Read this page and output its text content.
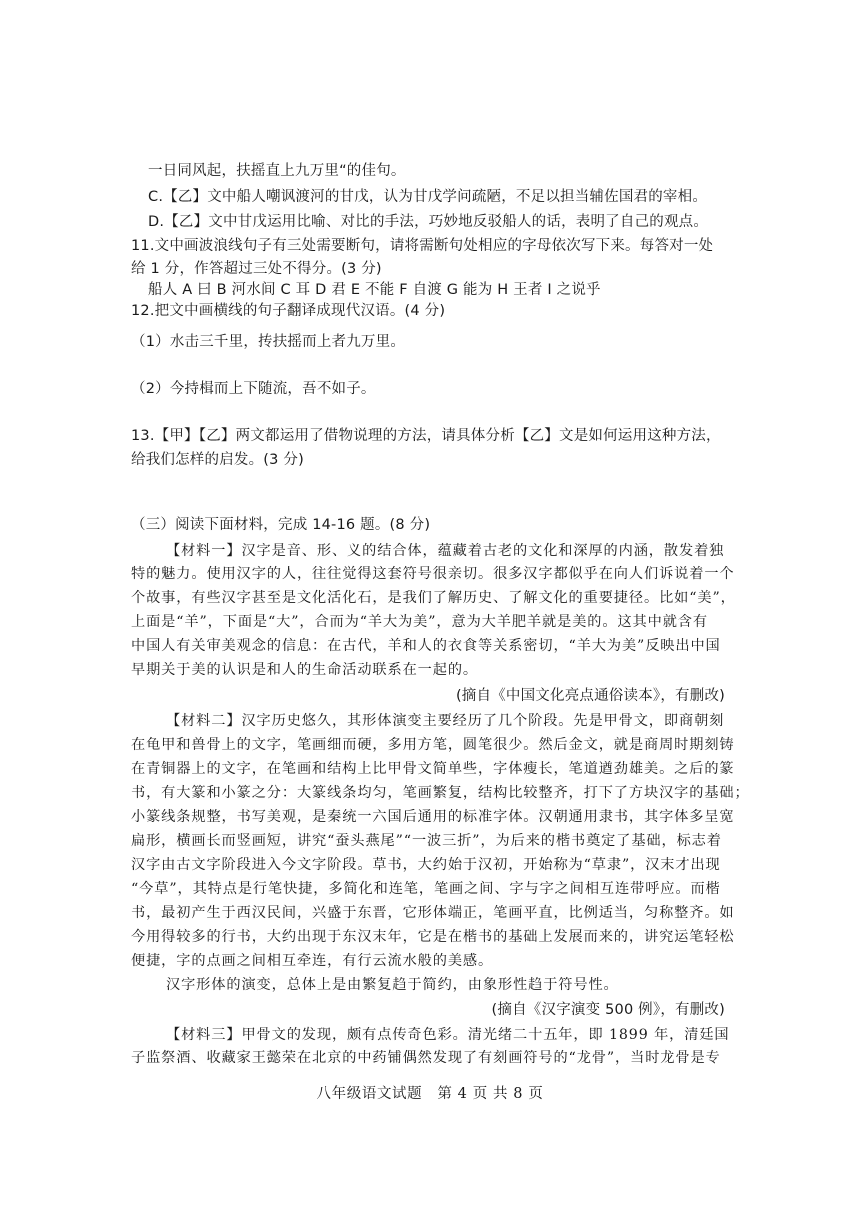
一日同风起，扶摇直上九万里“的佳句。
C.【乙】文中船人嘲讽渡河的甘戊，认为甘戊学问疏陋，不足以担当辅佐国君的宰相。
D.【乙】文中甘戊运用比喻、对比的手法，巧妙地反驳船人的话，表明了自己的观点。
11.文中画波浪线句子有三处需要断句，请将需断句处相应的字母依次写下来。每答对一处
给 1 分，作答超过三处不得分。(3 分)
船人 A 曰 B 河水间 C 耳 D 君 E 不能 F 自渡 G 能为 H 王者 I 之说乎
12.把文中画横线的句子翻译成现代汉语。(4 分)
（1）水击三千里，抟扶摇而上者九万里。
（2）今持楫而上下随流，吾不如子。
13.【甲】【乙】两文都运用了借物说理的方法，请具体分析【乙】文是如何运用这种方法，
给我们怎样的启发。(3 分)
（三）阅读下面材料，完成 14-16 题。(8 分)
【材料一】汉字是音、形、义的结合体，蕴藏着古老的文化和深厚的内涵，散发着独
特的魅力。使用汉字的人，往往觉得这套符号很亲切。很多汉字都似乎在向人们诉说着一个
个故事，有些汉字甚至是文化活化石，是我们了解历史、了解文化的重要捷径。比如“美”，
上面是“羊”，下面是“大”，合而为“羊大为美”，意为大羊肥羊就是美的。这其中就含有
中国人有关审美观念的信息：在古代，羊和人的衣食等关系密切，“羊大为美”反映出中国
早期关于美的认识是和人的生命活动联系在一起的。
(摘自《中国文化亮点通俗读本》，有删改)
【材料二】汉字历史悠久，其形体演变主要经历了几个阶段。先是甲骨文，即商朝刻
在龟甲和兽骨上的文字，笔画细而硬，多用方笔，圆笔很少。然后金文，就是商周时期刻铸
在青铜器上的文字，在笔画和结构上比甲骨文简单些，字体瘦长，笔道遒劲雄美。之后的篆
书，有大篆和小篆之分：大篆线条均匀，笔画繁复，结构比较整齐，打下了方块汉字的基础；
小篆线条规整，书写美观，是秦统一六国后通用的标准字体。汉朝通用隶书，其字体多呈宽
扁形，横画长而竖画短，讲究“蚕头燕尾”“一波三折”，为后来的楷书奠定了基础，标志着
汉字由古文字阶段进入今文字阶段。草书，大约始于汉初，开始称为“草隶”，汉末才出现
“今草”，其特点是行笔快捷，多简化和连笔，笔画之间、字与字之间相互连带呼应。而楷
书，最初产生于西汉民间，兴盛于东晋，它形体端正，笔画平直，比例适当，匀称整齐。如
今用得较多的行书，大约出现于东汉末年，它是在楷书的基础上发展而来的，讲究运笔轻松
便捷，字的点画之间相互牵连，有行云流水般的美感。
汉字形体的演变，总体上是由繁复趋于简约，由象形性趋于符号性。
(摘自《汉字演变 500 例》，有删改)
【材料三】甲骨文的发现，颇有点传奇色彩。清光绪二十五年，即 1899 年，清廷国
子监祭酒、收藏家王懿荣在北京的中药铺偶然发现了有刻画符号的“龙骨”，当时龙骨是专
八年级语文试题　第 4 页 共 8 页
